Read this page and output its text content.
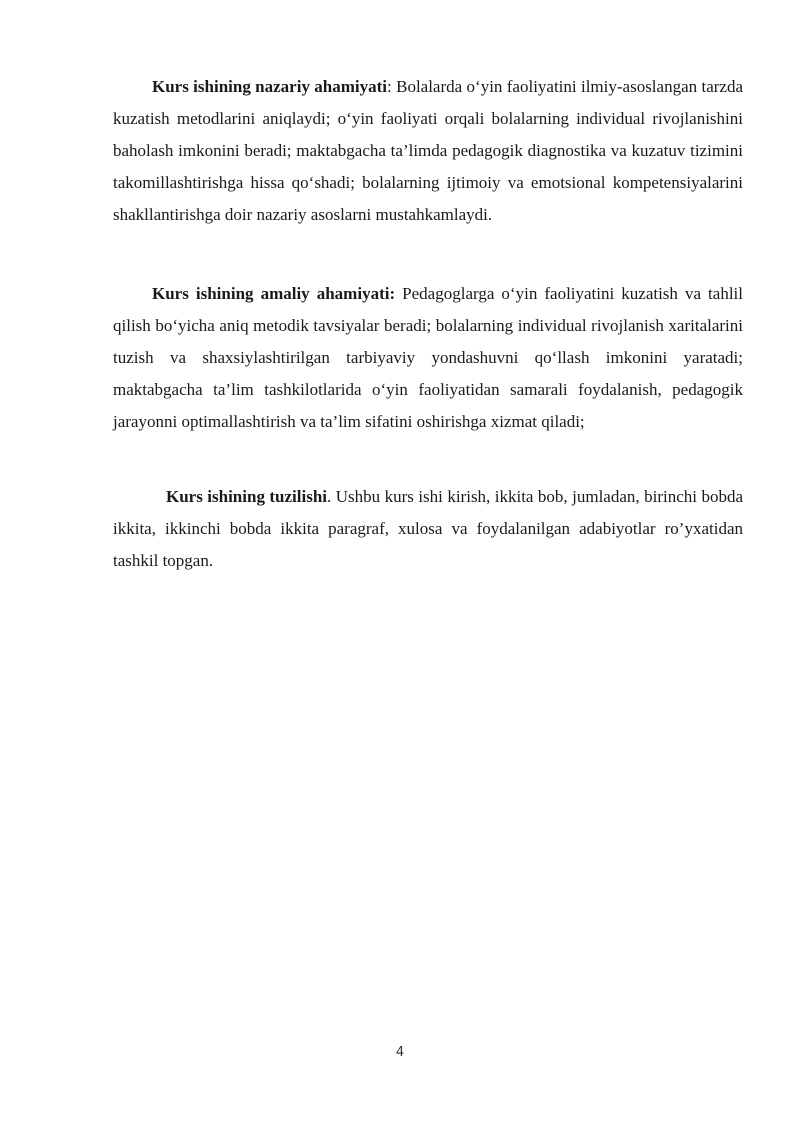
Kurs ishining nazariy ahamiyati: Bolalarda o‘yin faoliyatini ilmiy-asoslangan tarzda kuzatish metodlarini aniqlaydi; o‘yin faoliyati orqali bolalarning individual rivojlanishini baholash imkonini beradi; maktabgacha ta’limda pedagogik diagnostika va kuzatuv tizimini takomillashtirishga hissa qo‘shadi; bolalarning ijtimoiy va emotsional kompetensiyalarini shakllantirishga doir nazariy asoslarni mustahkamlaydi.

Kurs ishining amaliy ahamiyati: Pedagoglarga o‘yin faoliyatini kuzatish va tahlil qilish bo‘yicha aniq metodik tavsiyalar beradi; bolalarning individual rivojlanish xaritalarini tuzish va shaxsiylashtirilgan tarbiyaviy yondashuvni qo‘llash imkonini yaratadi; maktabgacha ta’lim tashkilotlarida o‘yin faoliyatidan samarali foydalanish, pedagogik jarayonni optimallashtirish va ta’lim sifatini oshirishga xizmat qiladi;

Kurs ishining tuzilishi. Ushbu kurs ishi kirish, ikkita bob, jumladan, birinchi bobda ikkita, ikkinchi bobda ikkita paragraf, xulosa va foydalanilgan adabiyotlar ro’yxatidan tashkil topgan.

4
